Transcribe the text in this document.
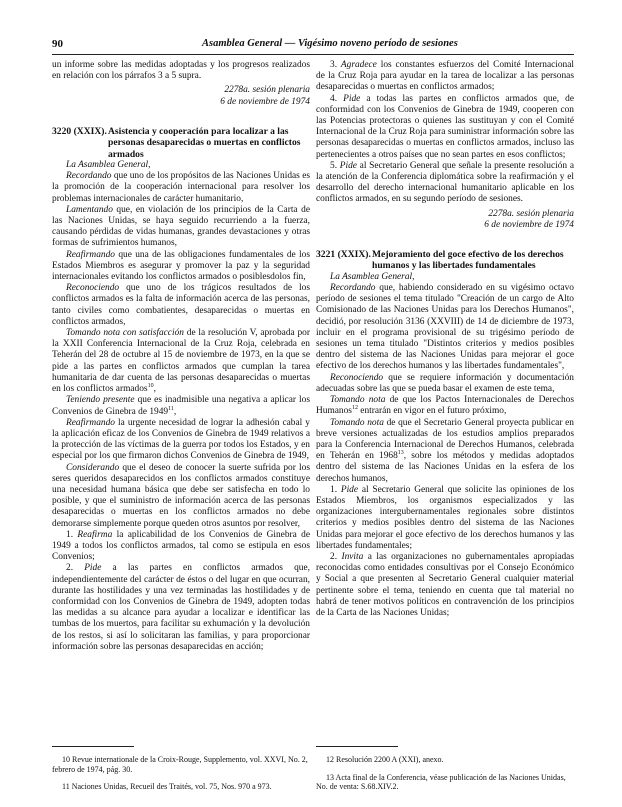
90	Asamblea General — Vigésimo noveno período de sesiones

un informe sobre las medidas adoptadas y los progresos realizados en relación con los párrafos 3 a 5 supra.

2278a. sesión plenaria

6 de noviembre de 1974

3220 (XXIX). Asistencia y cooperación para localizar a las personas desaparecidas o muertas en conflictos armados

La Asamblea General,

Recordando que uno de los propósitos de las Naciones Unidas es la promoción de la cooperación internacional para resolver los problemas internacionales de carácter humanitario,

Lamentando que, en violación de los principios de la Carta de las Naciones Unidas, se haya seguido recurriendo a la fuerza, causando pérdidas de vidas humanas, grandes devastaciones y otras formas de sufrimientos humanos,

Reafirmando que una de las obligaciones fundamentales de los Estados Miembros es asegurar y promover la paz y la seguridad internacionales evitando los conflictos armados o posiblesdolos fin,

Reconociendo que uno de los trágicos resultados de los conflictos armados es la falta de información acerca de las personas, tanto civiles como combatientes, desaparecidas o muertas en conflictos armados,

Tomando nota con satisfacción de la resolución V, aprobada por la XXII Conferencia Internacional de la Cruz Roja, celebrada en Teherán del 28 de octubre al 15 de noviembre de 1973, en la que se pide a las partes en conflictos armados que cumplan la tarea humanitaria de dar cuenta de las personas desaparecidas o muertas en los conflictos armados$^{10}$,

Teniendo presente que es inadmisible una negativa a aplicar los Convenios de Ginebra de 1949$^{11}$,

Reafirmando la urgente necesidad de lograr la adhesión cabal y la aplicación eficaz de los Convenios de Ginebra de 1949 relativos a la protección de las víctimas de la guerra por todos los Estados, y en especial por los que firmaron dichos Convenios de Ginebra de 1949,

Considerando que el deseo de conocer la suerte sufrida por los seres queridos desaparecidos en los conflictos armados constituye una necesidad humana básica que debe ser satisfecha en todo lo posible, y que el suministro de información acerca de las personas desaparecidas o muertas en los conflictos armados no debe demorarse simplemente porque queden otros asuntos por resolver,

1. Reafirma la aplicabilidad de los Convenios de Ginebra de 1949 a todos los conflictos armados, tal como se estipula en esos Convenios;

2. Pide a las partes en conflictos armados que, independientemente del carácter de éstos o del lugar en que ocurran, durante las hostilidades y una vez terminadas las hostilidades y de conformidad con los Convenios de Ginebra de 1949, adopten todas las medidas a su alcance para ayudar a localizar e identificar las tumbas de los muertos, para facilitar su exhumación y la devolución de los restos, si así lo solicitaran las familias, y para proporcionar información sobre las personas desaparecidas en acción;

10 Revue internationale de la Croix-Rouge, Supplemento, vol. XXVI, No. 2, febrero de 1974, pág. 30.

11 Naciones Unidas, Recueil des Traités, vol. 75, Nos. 970 a 973.

3. Agradece los constantes esfuerzos del Comité Internacional de la Cruz Roja para ayudar en la tarea de localizar a las personas desaparecidas o muertas en conflictos armados;

4. Pide a todas las partes en conflictos armados que, de conformidad con los Convenios de Ginebra de 1949, cooperen con las Potencias protectoras o quienes las sustituyan y con el Comité Internacional de la Cruz Roja para suministrar información sobre las personas desaparecidas o muertas en conflictos armados, incluso las pertenecientes a otros países que no sean partes en esos conflictos;

5. Pide al Secretario General que señale la presente resolución a la atención de la Conferencia diplomática sobre la reafirmación y el desarrollo del derecho internacional humanitario aplicable en los conflictos armados, en su segundo período de sesiones.

2278a. sesión plenaria

6 de noviembre de 1974

3221 (XXIX). Mejoramiento del goce efectivo de los derechos humanos y las libertades fundamentales

La Asamblea General,

Recordando que, habiendo considerado en su vigésimo octavo período de sesiones el tema titulado "Creación de un cargo de Alto Comisionado de las Naciones Unidas para los Derechos Humanos", decidió, por resolución 3136 (XXVIII) de 14 de diciembre de 1973, incluir en el programa provisional de su trigésimo período de sesiones un tema titulado "Distintos criterios y medios posibles dentro del sistema de las Naciones Unidas para mejorar el goce efectivo de los derechos humanos y las libertades fundamentales",

Reconociendo que se requiere información y documentación adecuadas sobre las que se pueda basar el examen de este tema,

Tomando nota de que los Pactos Internacionales de Derechos Humanos$^{12}$ entrarán en vigor en el futuro próximo,

Tomando nota de que el Secretario General proyecta publicar en breve versiones actualizadas de los estudios amplios preparados para la Conferencia Internacional de Derechos Humanos, celebrada en Teherán en 1968$^{13}$, sobre los métodos y medidas adoptados dentro del sistema de las Naciones Unidas en la esfera de los derechos humanos,

1. Pide al Secretario General que solicite las opiniones de los Estados Miembros, los organismos especializados y las organizaciones intergubernamentales regionales sobre distintos criterios y medios posibles dentro del sistema de las Naciones Unidas para mejorar el goce efectivo de los derechos humanos y las libertades fundamentales;

2. Invita a las organizaciones no gubernamentales apropiadas reconocidas como entidades consultivas por el Consejo Económico y Social a que presenten al Secretario General cualquier material pertinente sobre el tema, teniendo en cuenta que tal material no habrá de tener motivos políticos en contravención de los principios de la Carta de las Naciones Unidas;

12 Resolución 2200 A (XXI), anexo.

13 Acta final de la Conferencia, véase publicación de las Naciones Unidas, No. de venta: S.68.XIV.2.
